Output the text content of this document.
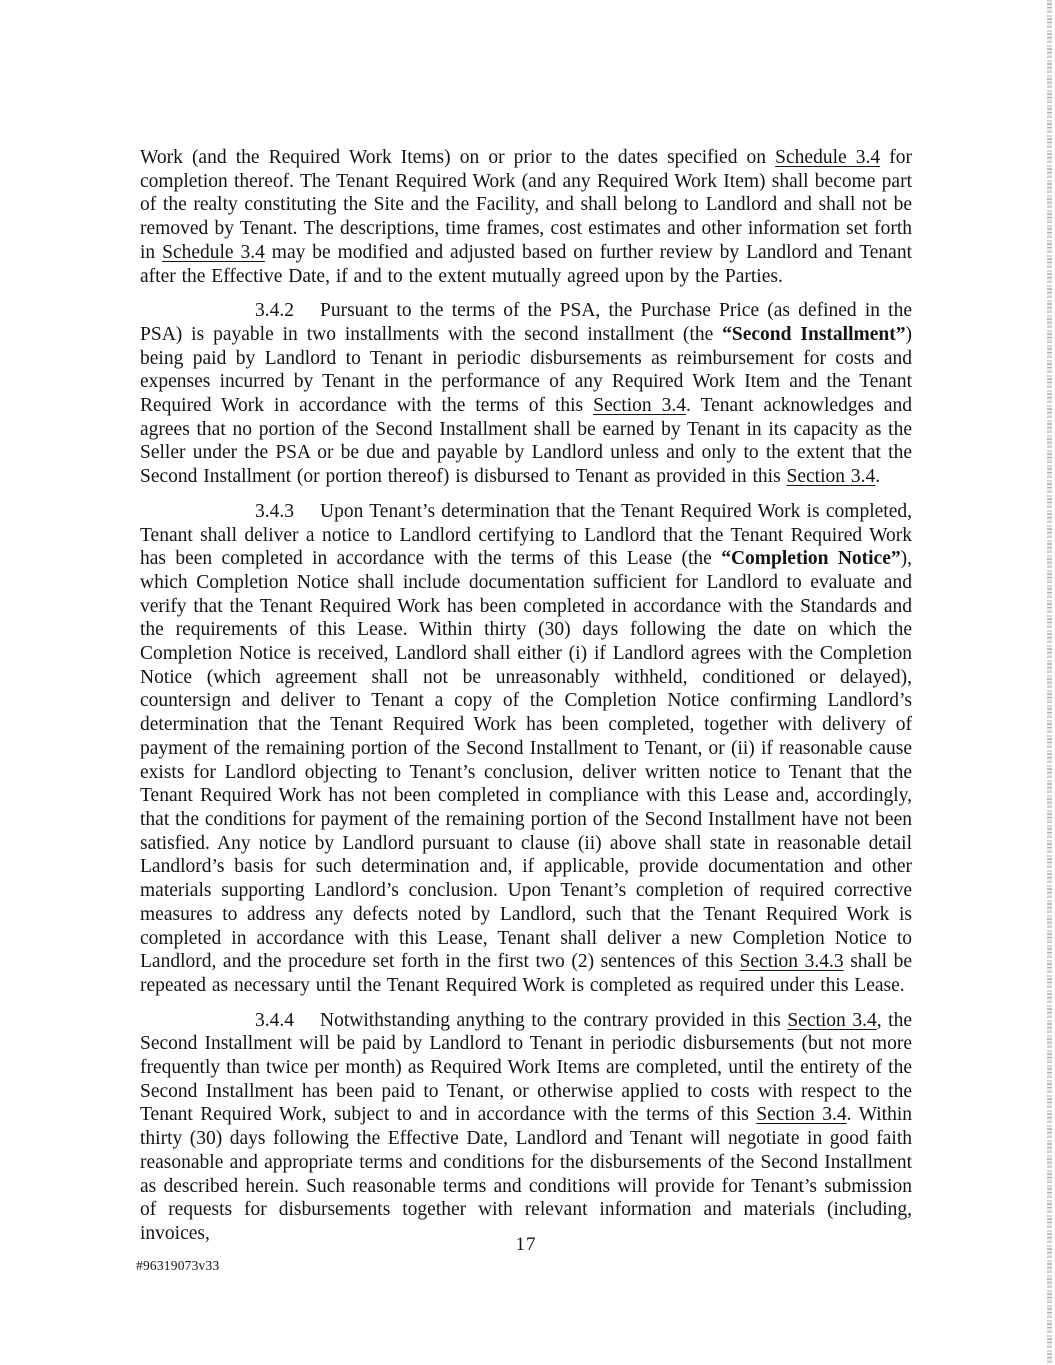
Work (and the Required Work Items) on or prior to the dates specified on Schedule 3.4 for completion thereof. The Tenant Required Work (and any Required Work Item) shall become part of the realty constituting the Site and the Facility, and shall belong to Landlord and shall not be removed by Tenant. The descriptions, time frames, cost estimates and other information set forth in Schedule 3.4 may be modified and adjusted based on further review by Landlord and Tenant after the Effective Date, if and to the extent mutually agreed upon by the Parties.

3.4.2 Pursuant to the terms of the PSA, the Purchase Price (as defined in the PSA) is payable in two installments with the second installment (the “Second Installment”) being paid by Landlord to Tenant in periodic disbursements as reimbursement for costs and expenses incurred by Tenant in the performance of any Required Work Item and the Tenant Required Work in accordance with the terms of this Section 3.4. Tenant acknowledges and agrees that no portion of the Second Installment shall be earned by Tenant in its capacity as the Seller under the PSA or be due and payable by Landlord unless and only to the extent that the Second Installment (or portion thereof) is disbursed to Tenant as provided in this Section 3.4.

3.4.3 Upon Tenant’s determination that the Tenant Required Work is completed, Tenant shall deliver a notice to Landlord certifying to Landlord that the Tenant Required Work has been completed in accordance with the terms of this Lease (the “Completion Notice”), which Completion Notice shall include documentation sufficient for Landlord to evaluate and verify that the Tenant Required Work has been completed in accordance with the Standards and the requirements of this Lease. Within thirty (30) days following the date on which the Completion Notice is received, Landlord shall either (i) if Landlord agrees with the Completion Notice (which agreement shall not be unreasonably withheld, conditioned or delayed), countersign and deliver to Tenant a copy of the Completion Notice confirming Landlord’s determination that the Tenant Required Work has been completed, together with delivery of payment of the remaining portion of the Second Installment to Tenant, or (ii) if reasonable cause exists for Landlord objecting to Tenant’s conclusion, deliver written notice to Tenant that the Tenant Required Work has not been completed in compliance with this Lease and, accordingly, that the conditions for payment of the remaining portion of the Second Installment have not been satisfied. Any notice by Landlord pursuant to clause (ii) above shall state in reasonable detail Landlord’s basis for such determination and, if applicable, provide documentation and other materials supporting Landlord’s conclusion. Upon Tenant’s completion of required corrective measures to address any defects noted by Landlord, such that the Tenant Required Work is completed in accordance with this Lease, Tenant shall deliver a new Completion Notice to Landlord, and the procedure set forth in the first two (2) sentences of this Section 3.4.3 shall be repeated as necessary until the Tenant Required Work is completed as required under this Lease.

3.4.4 Notwithstanding anything to the contrary provided in this Section 3.4, the Second Installment will be paid by Landlord to Tenant in periodic disbursements (but not more frequently than twice per month) as Required Work Items are completed, until the entirety of the Second Installment has been paid to Tenant, or otherwise applied to costs with respect to the Tenant Required Work, subject to and in accordance with the terms of this Section 3.4. Within thirty (30) days following the Effective Date, Landlord and Tenant will negotiate in good faith reasonable and appropriate terms and conditions for the disbursements of the Second Installment as described herein. Such reasonable terms and conditions will provide for Tenant’s submission of requests for disbursements together with relevant information and materials (including, invoices,

17
#96319073v33
